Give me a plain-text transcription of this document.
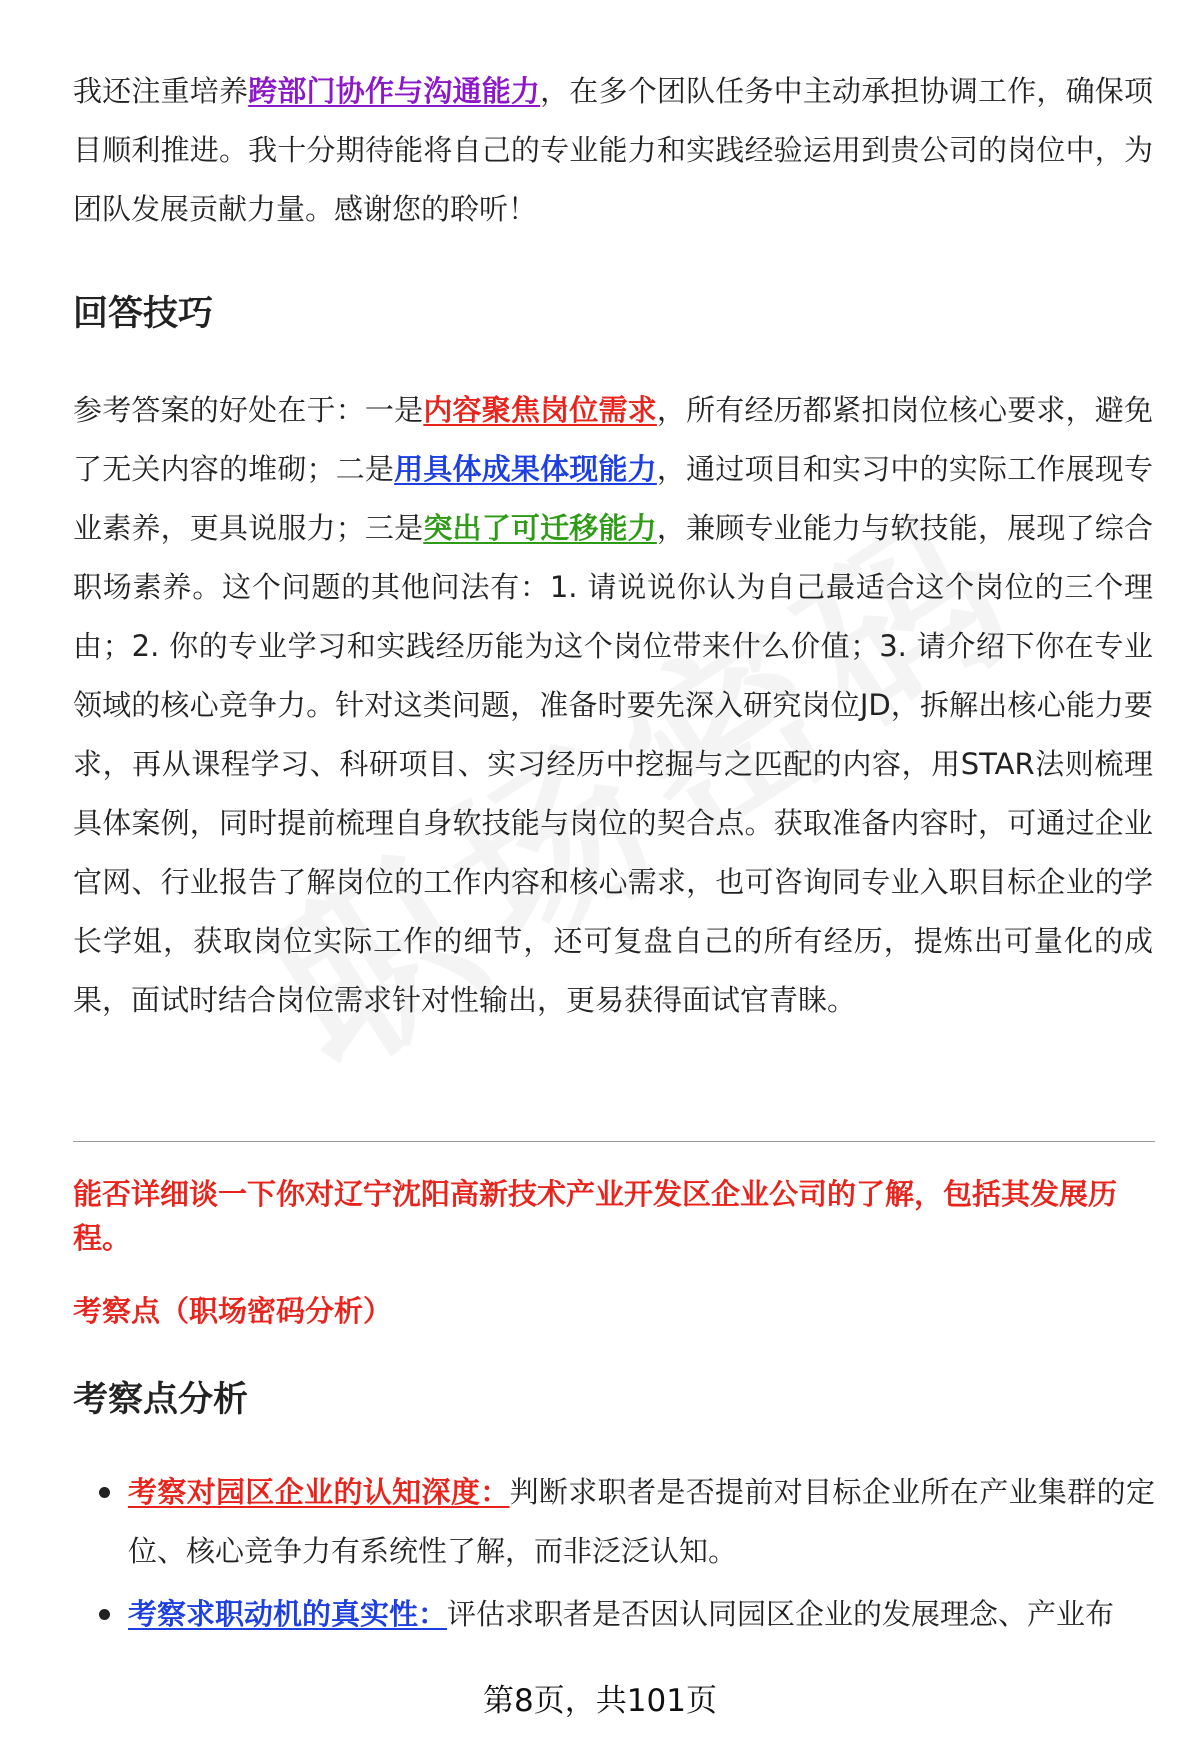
我还注重培养跨部门协作与沟通能力，在多个团队任务中主动承担协调工作，确保项目顺利推进。我十分期待能将自己的专业能力和实践经验运用到贵公司的岗位中，为团队发展贡献力量。感谢您的聆听！

回答技巧

参考答案的好处在于：一是内容聚焦岗位需求，所有经历都紧扣岗位核心要求，避免了无关内容的堆砌；二是用具体成果体现能力，通过项目和实习中的实际工作展现专业素养，更具说服力；三是突出了可迁移能力，兼顾专业能力与软技能，展现了综合职场素养。这个问题的其他问法有：1. 请说说你认为自己最适合这个岗位的三个理由；2. 你的专业学习和实践经历能为这个岗位带来什么价值；3. 请介绍下你在专业领域的核心竞争力。针对这类问题，准备时要先深入研究岗位JD，拆解出核心能力要求，再从课程学习、科研项目、实习经历中挖掘与之匹配的内容，用STAR法则梳理具体案例，同时提前梳理自身软技能与岗位的契合点。获取准备内容时，可通过企业官网、行业报告了解岗位的工作内容和核心需求，也可咨询同专业入职目标企业的学长学姐，获取岗位实际工作的细节，还可复盘自己的所有经历，提炼出可量化的成果，面试时结合岗位需求针对性输出，更易获得面试官青睐。

能否详细谈一下你对辽宁沈阳高新技术产业开发区企业公司的了解，包括其发展历程。

考察点（职场密码分析）

考察点分析
考察对园区企业的认知深度：判断求职者是否提前对目标企业所在产业集群的定位、核心竞争力有系统性了解，而非泛泛认知。
考察求职动机的真实性：评估求职者是否因认同园区企业的发展理念、产业布
第8页，共101页
